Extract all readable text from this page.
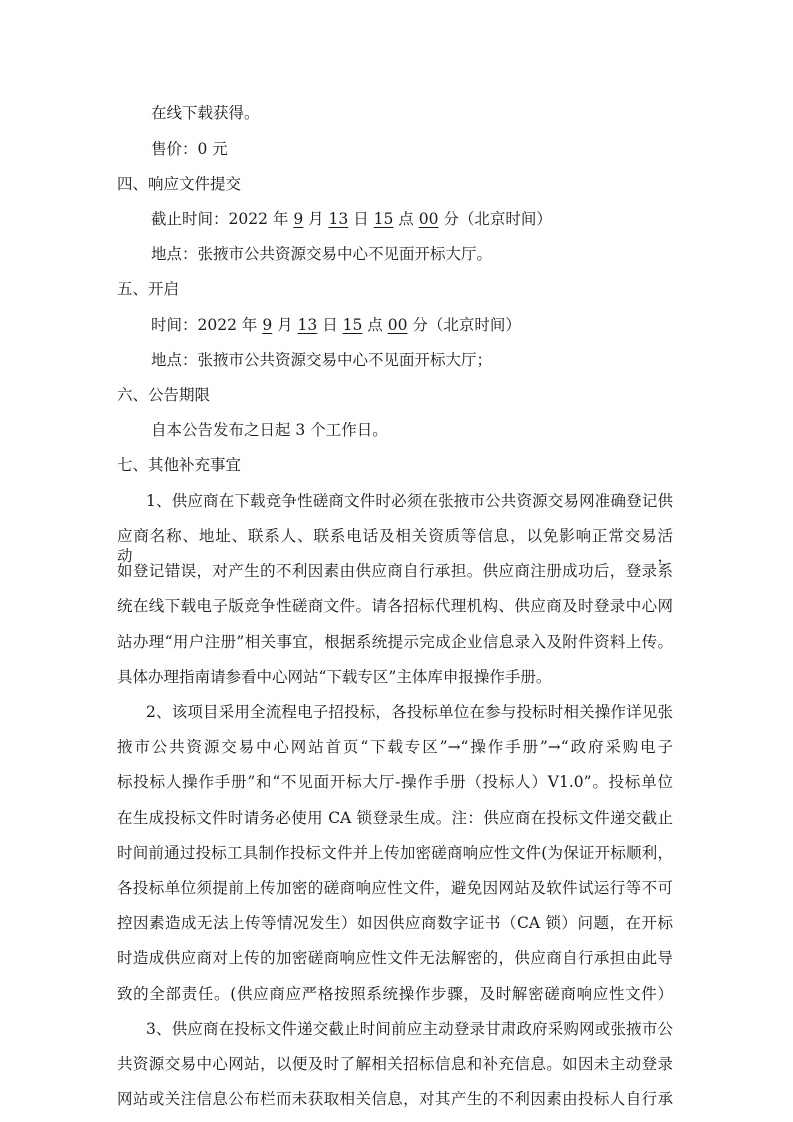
在线下载获得。
售价：0 元
四、响应文件提交
截止时间：2022 年 9 月 13 日 15 点 00 分（北京时间）
地点：张掖市公共资源交易中心不见面开标大厅。
五、开启
时间：2022 年 9 月 13 日 15 点 00 分（北京时间）
地点：张掖市公共资源交易中心不见面开标大厅；
六、公告期限
自本公告发布之日起 3 个工作日。
七、其他补充事宜
1、供应商在下载竞争性磋商文件时必须在张掖市公共资源交易网准确登记供
应商名称、地址、联系人、联系电话及相关资质等信息，以免影响正常交易活动，
如登记错误，对产生的不利因素由供应商自行承担。供应商注册成功后，登录系
统在线下载电子版竞争性磋商文件。请各招标代理机构、供应商及时登录中心网
站办理“用户注册”相关事宜，根据系统提示完成企业信息录入及附件资料上传。
具体办理指南请参看中心网站“下载专区”主体库申报操作手册。
2、该项目采用全流程电子招投标，各投标单位在参与投标时相关操作详见张
掖市公共资源交易中心网站首页“下载专区”→“操作手册”→“政府采购电子
标投标人操作手册”和“不见面开标大厅-操作手册（投标人）V1.0”。投标单位
在生成投标文件时请务必使用 CA 锁登录生成。注：供应商在投标文件递交截止
时间前通过投标工具制作投标文件并上传加密磋商响应性文件(为保证开标顺利，
各投标单位须提前上传加密的磋商响应性文件，避免因网站及软件试运行等不可
控因素造成无法上传等情况发生）如因供应商数字证书（CA 锁）问题，在开标
时造成供应商对上传的加密磋商响应性文件无法解密的，供应商自行承担由此导
致的全部责任。(供应商应严格按照系统操作步骤，及时解密磋商响应性文件）
3、供应商在投标文件递交截止时间前应主动登录甘肃政府采购网或张掖市公
共资源交易中心网站，以便及时了解相关招标信息和补充信息。如因未主动登录
网站或关注信息公布栏而未获取相关信息，对其产生的不利因素由投标人自行承
